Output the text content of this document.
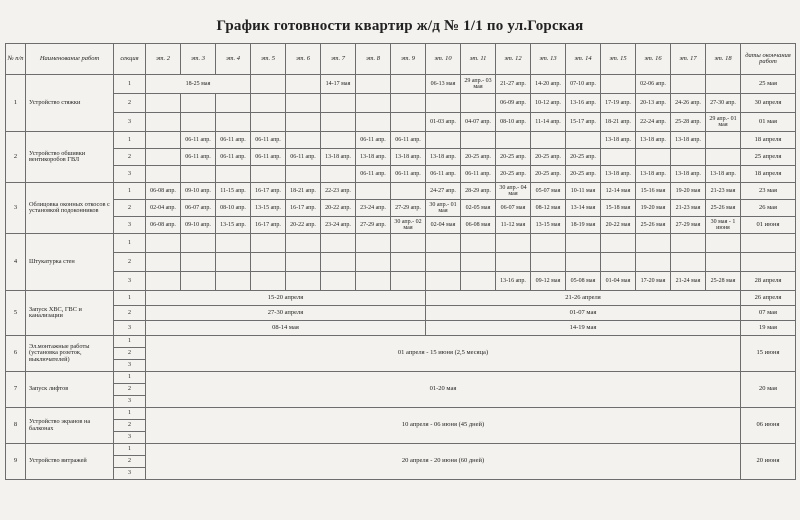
График готовности квартир ж/д № 1/1 по ул.Горская
№ п/п	Наименование работ	секция	эт. 2	эт. 3	эт. 4	эт. 5	эт. 6	эт. 7	эт. 8	эт. 9	эт. 10	эт. 11	эт. 12	эт. 13	эт. 14	эт. 15	эт. 16	эт. 17	эт. 18	даты окончания работ
1	Устройство стяжки	1	18-25 мая					14-17 мая			06-13 мая	29 апр.- 03 мая	21-27 апр.	14-20 апр.	07-10 апр.		02-06 апр.			25 мая
		2											06-09 апр.	10-12 апр.	13-16 апр.	17-19 апр.	20-13 апр.	24-26 апр.	27-30 апр.	30 апреля
		3									01-03 апр.	04-07 апр.	08-10 апр.	11-14 апр.	15-17 апр.	18-21 апр.	22-24 апр.	25-28 апр.	29 апр.- 01 мая	01 мая
2	Устройство обшивки вентикоробов ГВЛ	1		06-11 апр.	06-11 апр.	06-11 апр.			06-11 апр.	06-11 апр.						13-18 апр.	13-18 апр.	13-18 апр.		18 апреля
		2		06-11 апр.	06-11 апр.	06-11 апр.	06-11 апр.	13-18 апр.	13-18 апр.	13-18 апр.	13-18 апр.	20-25 апр.	20-25 апр.	20-25 апр.	20-25 апр.					25 апреля
		3							06-11 апр.	06-11 апр.	06-11 апр.	06-11 апр.	20-25 апр.	20-25 апр.	20-25 апр.	13-18 апр.	13-18 апр.	13-18 апр.	13-18 апр.	18 апреля
3	Облицовка оконных откосов с установкой подоконников	1	06-08 апр.	09-10 апр.	11-15 апр.	16-17 апр.	18-21 апр.	22-23 апр.			24-27 апр.	28-29 апр.	30 апр.- 04 мая	05-07 мая	10-11 мая	12-14 мая	15-16 мая	19-20 мая	21-23 мая	23 мая
		2	02-04 апр.	06-07 апр.	08-10 апр.	13-15 апр.	16-17 апр.	20-22 апр.	23-24 апр.	27-29 апр.	30 апр.- 01 мая	02-05 мая	06-07 мая	08-12 мая	13-14 мая	15-18 мая	19-20 мая	21-23 мая	25-26 мая	26 мая
		3	06-08 апр.	09-10 апр.	13-15 апр.	16-17 апр.	20-22 апр.	23-24 апр.	27-29 апр.	30 апр.- 02 мая	02-04 мая	06-08 мая	11-12 мая	13-15 мая	18-19 мая	20-22 мая	25-26 мая	27-29 мая	30 мая - 1 июня	01 июня
4	Штукатурка стен	1																		
		2																		
		3											13-16 апр.	09-12 мая	05-08 мая	01-04 мая	17-20 мая	21-24 мая	25-28 мая	28 апреля
5	Запуск ХВС, ГВС и канализации	1	15-20 апреля								21-26 апреля									26 апреля
		2	27-30 апреля								01-07 мая									07 мая
		3	08-14 мая								14-19 мая									19 мая
6	Эл.монтажные работы (установка розеток, выключателей)	1	01 апреля - 15 июня (2,5 месяца)																	15 июня
		2																		
		3																		
7	Запуск лифтов	1	01-20 мая																	20 мая
		2																		
		3																		
8	Устройство экранов на балконах	1	10 апреля - 06 июня (45 дней)																	06 июня
		2																		
		3																		
9	Устройство витражей	1	20 апреля - 20 июня (60 дней)																	20 июня
		2																		
		3																		
